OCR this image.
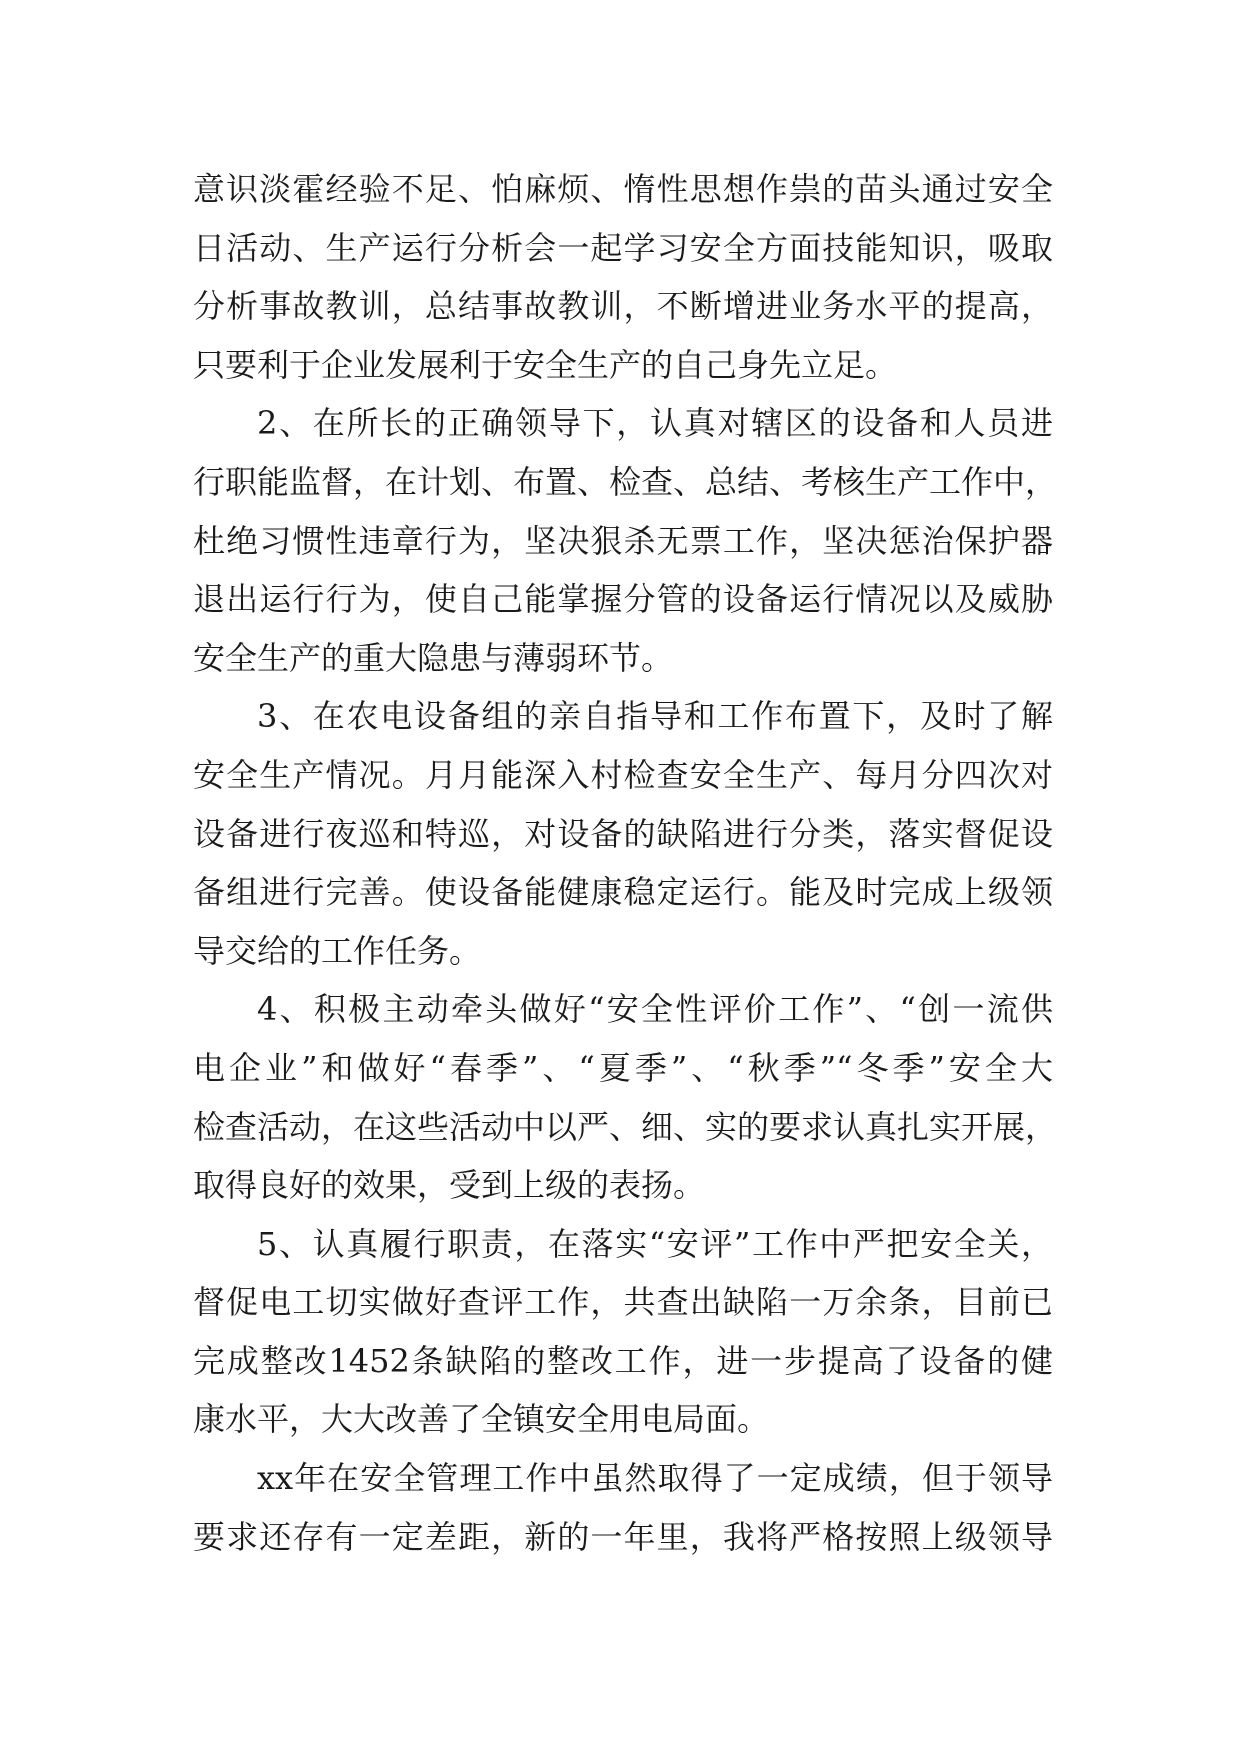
意识淡霍经验不足、怕麻烦、惰性思想作祟的苗头通过安全
日活动、生产运行分析会一起学习安全方面技能知识，吸取
分析事故教训，总结事故教训，不断增进业务水平的提高，
只要利于企业发展利于安全生产的自己身先立足。
2、在所长的正确领导下，认真对辖区的设备和人员进
行职能监督，在计划、布置、检查、总结、考核生产工作中，
杜绝习惯性违章行为，坚决狠杀无票工作，坚决惩治保护器
退出运行行为，使自己能掌握分管的设备运行情况以及威胁
安全生产的重大隐患与薄弱环节。
3、在农电设备组的亲自指导和工作布置下，及时了解
安全生产情况。月月能深入村检查安全生产、每月分四次对
设备进行夜巡和特巡，对设备的缺陷进行分类，落实督促设
备组进行完善。使设备能健康稳定运行。能及时完成上级领
导交给的工作任务。
4、积极主动牵头做好“安全性评价工作”、“创一流供
电企业”和做好“春季”、“夏季”、“秋季”“冬季”安全大
检查活动，在这些活动中以严、细、实的要求认真扎实开展，
取得良好的效果，受到上级的表扬。
5、认真履行职责，在落实“安评”工作中严把安全关，
督促电工切实做好查评工作，共查出缺陷一万余条，目前已
完成整改1452条缺陷的整改工作，进一步提高了设备的健
康水平，大大改善了全镇安全用电局面。
xx年在安全管理工作中虽然取得了一定成绩，但于领导
要求还存有一定差距，新的一年里，我将严格按照上级领导
